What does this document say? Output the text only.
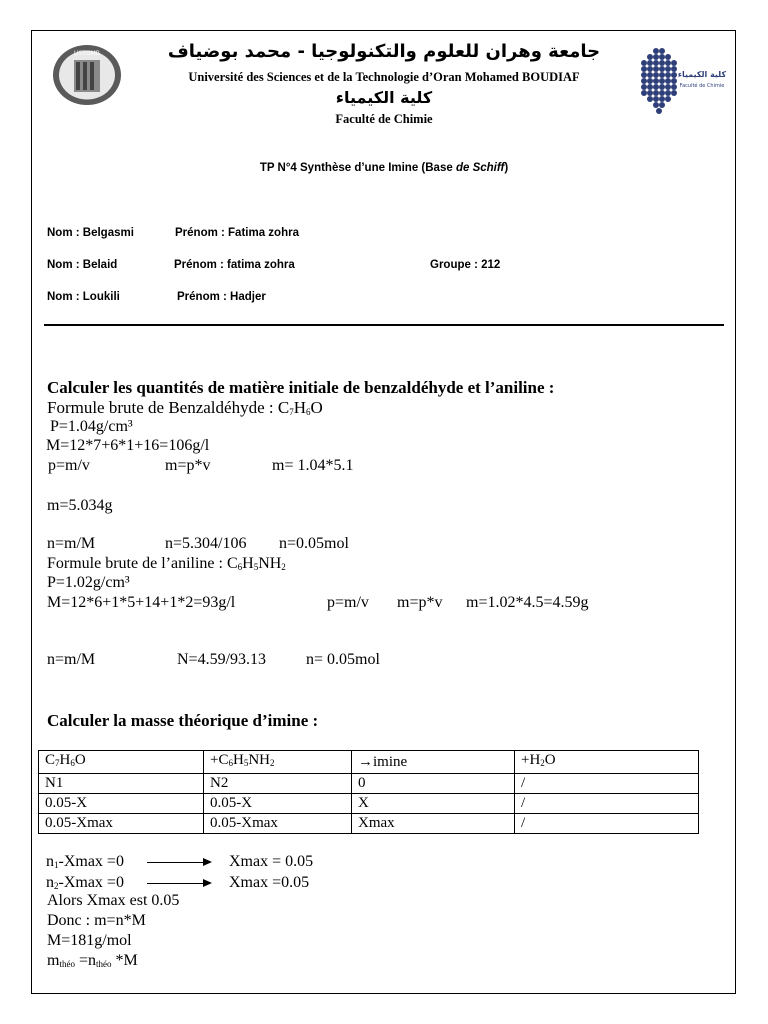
USTOMB
كلية الكيمياء
Faculté de Chimie
جامعة وهران للعلوم والتكنولوجيا - محمد بوضياف
Université des Sciences et de la Technologie d’Oran Mohamed BOUDIAF
كلية الكيمياء
Faculté de Chimie
TP N°4 Synthèse d’une Imine (Base de Schiff)
Nom : Belgasmi	Prénom : Fatima zohra
Nom : Belaid	Prénom : fatima zohra	Groupe : 212
Nom : Loukili	Prénom : Hadjer
Calculer les quantités de matière initiale de benzaldéhyde et l’aniline :
Formule brute de Benzaldéhyde : $C_7H_6O$
P=1.04g/cm³
M=12*7+6*1+16=106g/l
p=m/v	m=p*v	m= 1.04*5.1
m=5.034g
n=m/M	n=5.304/106 n=0.05mol
Formule brute de l’aniline : $C_6H_5NH_2$
P=1.02g/cm³
M=12*6+1*5+14+1*2=93g/l	p=m/v m=p*v m=1.02*4.5=4.59g
n=m/M	N=4.59/93.13 n= 0.05mol
Calculer la masse théorique d’imine :
$C_7H_6O$	$+C_6H_5NH_2$	→imine	$+H_2O$
N1	N2	0	/
0.05-X	0.05-X	X	/
0.05-Xmax	0.05-Xmax	Xmax	/
$n_1$-Xmax =0	Xmax = 0.05
$n_2$-Xmax =0	Xmax =0.05
Alors Xmax est 0.05
Donc : m=n*M
M=181g/mol
$m_{théo} =n_{théo}$ *M
